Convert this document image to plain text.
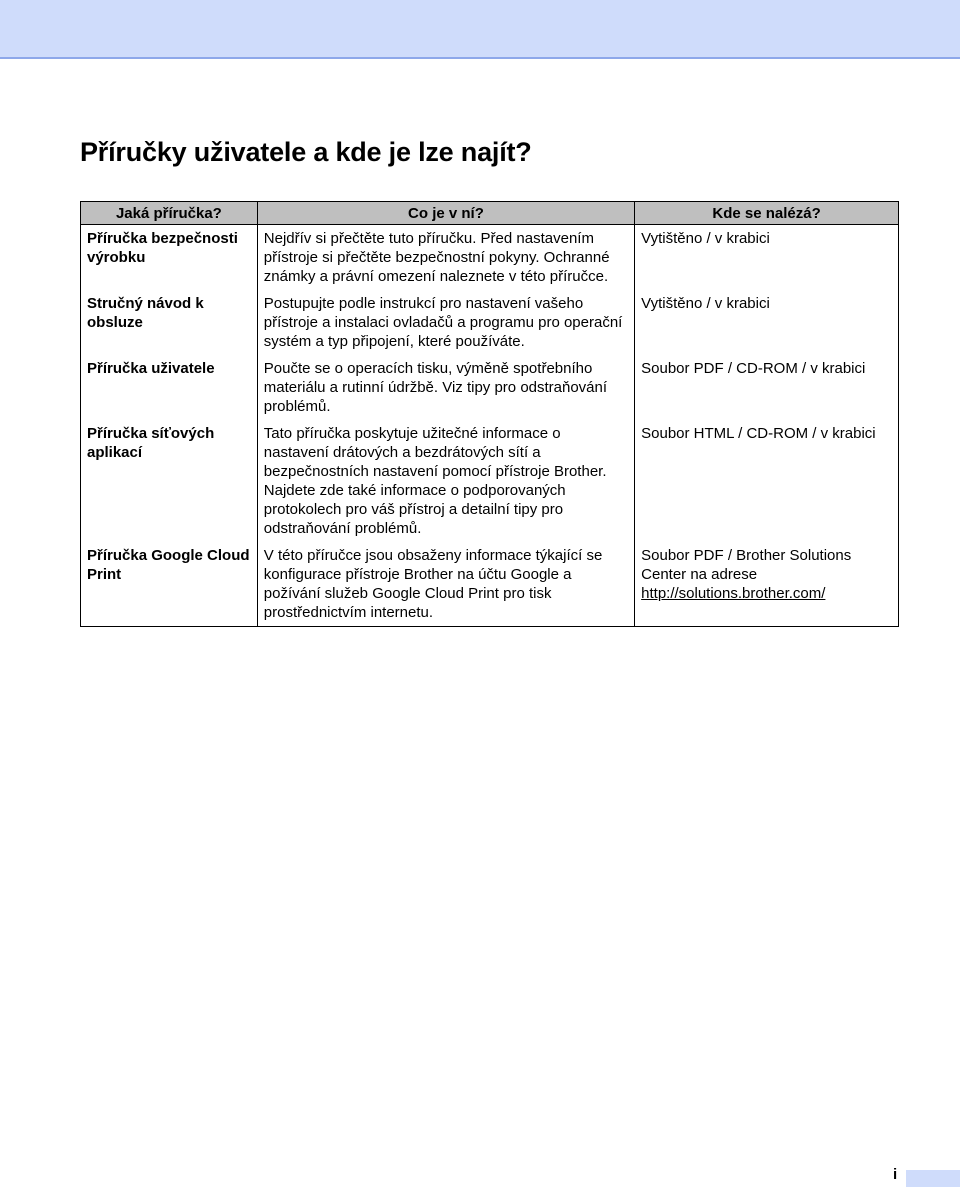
Příručky uživatele a kde je lze najít?
Jaká příručka?	Co je v ní?	Kde se nalézá?
Příručka bezpečnosti výrobku	Nejdřív si přečtěte tuto příručku. Před nastavením přístroje si přečtěte bezpečnostní pokyny. Ochranné známky a právní omezení naleznete v této příručce.	Vytištěno / v krabici
Stručný návod k obsluze	Postupujte podle instrukcí pro nastavení vašeho přístroje a instalaci ovladačů a programu pro operační systém a typ připojení, které používáte.	Vytištěno / v krabici
Příručka uživatele	Poučte se o operacích tisku, výměně spotřebního materiálu a rutinní údržbě. Viz tipy pro odstraňování problémů.	Soubor PDF / CD-ROM / v krabici
Příručka síťových aplikací	Tato příručka poskytuje užitečné informace o nastavení drátových a bezdrátových sítí a bezpečnostních nastavení pomocí přístroje Brother. Najdete zde také informace o podporovaných protokolech pro váš přístroj a detailní tipy pro odstraňování problémů.	Soubor HTML / CD-ROM / v krabici
Příručka Google Cloud Print	V této příručce jsou obsaženy informace týkající se konfigurace přístroje Brother na účtu Google a požívání služeb Google Cloud Print pro tisk prostřednictvím internetu.	Soubor PDF / Brother Solutions Center na adrese http://solutions.brother.com/
i
